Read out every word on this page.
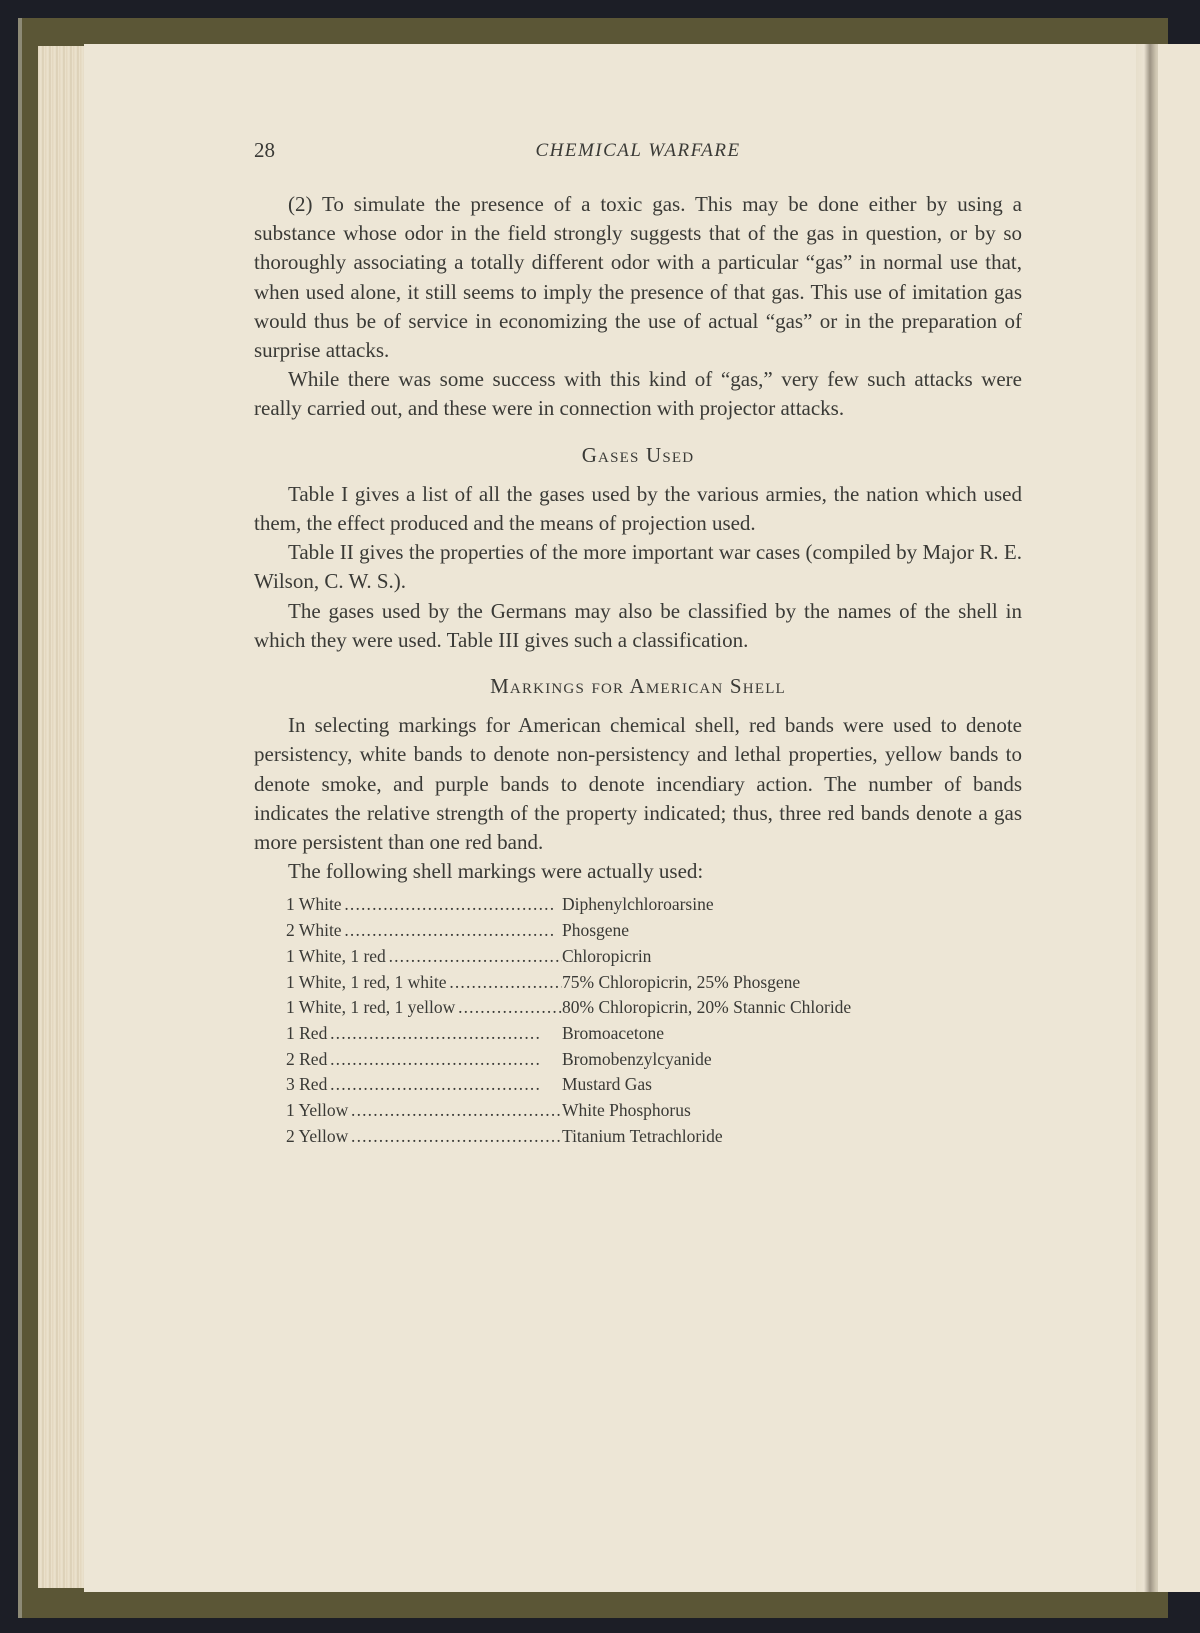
28	CHEMICAL WARFARE

(2) To simulate the presence of a toxic gas. This may be done either by using a substance whose odor in the field strongly suggests that of the gas in question, or by so thoroughly associating a totally different odor with a particular “gas” in normal use that, when used alone, it still seems to imply the presence of that gas. This use of imitation gas would thus be of service in economizing the use of actual “gas” or in the preparation of surprise attacks.

While there was some success with this kind of “gas,” very few such attacks were really carried out, and these were in connection with projector attacks.

Gases Used

Table I gives a list of all the gases used by the various armies, the nation which used them, the effect produced and the means of projection used.

Table II gives the properties of the more important war cases (compiled by Major R. E. Wilson, C. W. S.).

The gases used by the Germans may also be classified by the names of the shell in which they were used. Table III gives such a classification.

Markings for American Shell

In selecting markings for American chemical shell, red bands were used to denote persistency, white bands to denote non-persistency and lethal properties, yellow bands to denote smoke, and purple bands to denote incendiary action. The number of bands indicates the relative strength of the property indicated; thus, three red bands denote a gas more persistent than one red band.

The following shell markings were actually used:

1 White . . .	Diphenylchloroarsine
2 White . . .	Phosgene
1 White, 1 red . . .	Chloropicrin
1 White, 1 red, 1 white . . .	75% Chloropicrin, 25% Phosgene
1 White, 1 red, 1 yellow . . .	80% Chloropicrin, 20% Stannic Chloride
1 Red . . .	Bromoacetone
2 Red . . .	Bromobenzylcyanide
3 Red . . .	Mustard Gas
1 Yellow . . .	White Phosphorus
2 Yellow . . .	Titanium Tetrachloride
